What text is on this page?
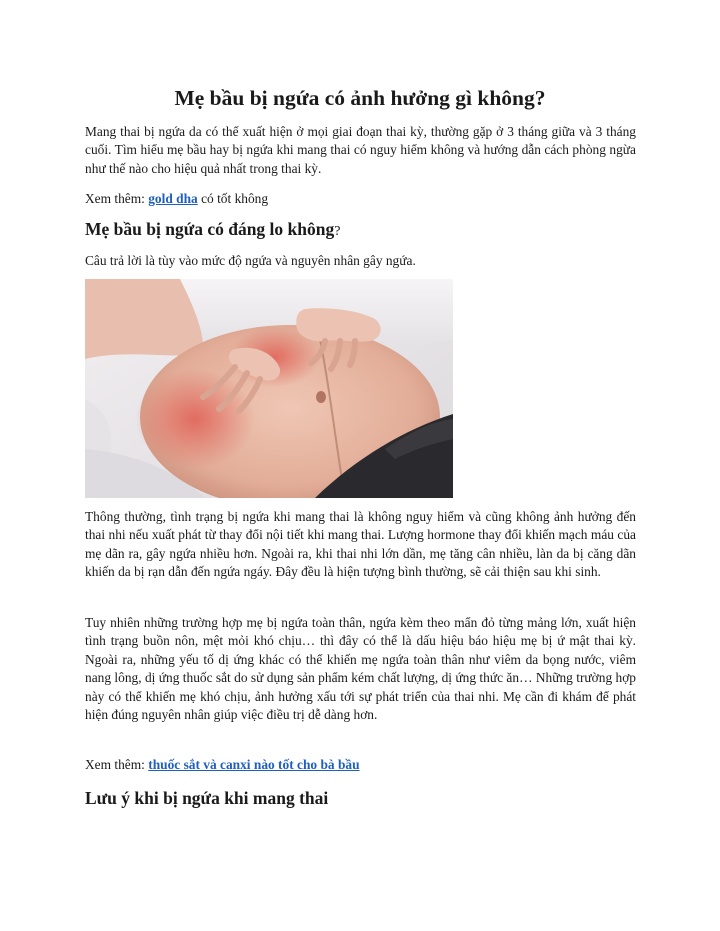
Mẹ bầu bị ngứa có ảnh hưởng gì không?

Mang thai bị ngứa da có thể xuất hiện ở mọi giai đoạn thai kỳ, thường gặp ở 3 tháng giữa và 3 tháng cuối. Tìm hiểu mẹ bầu hay bị ngứa khi mang thai có nguy hiểm không và hướng dẫn cách phòng ngừa như thế nào cho hiệu quả nhất trong thai kỳ.

Xem thêm: gold dha có tốt không

Mẹ bầu bị ngứa có đáng lo không?

Câu trả lời là tùy vào mức độ ngứa và nguyên nhân gây ngứa.

Thông thường, tình trạng bị ngứa khi mang thai là không nguy hiểm và cũng không ảnh hưởng đến thai nhi nếu xuất phát từ thay đổi nội tiết khi mang thai. Lượng hormone thay đổi khiến mạch máu của mẹ dãn ra, gây ngứa nhiều hơn. Ngoài ra, khi thai nhi lớn dần, mẹ tăng cân nhiều, làn da bị căng dãn khiến da bị rạn dẫn đến ngứa ngáy. Đây đều là hiện tượng bình thường, sẽ cải thiện sau khi sinh.

Tuy nhiên những trường hợp mẹ bị ngứa toàn thân, ngứa kèm theo mẩn đỏ từng mảng lớn, xuất hiện tình trạng buồn nôn, mệt mỏi khó chịu… thì đây có thể là dấu hiệu báo hiệu mẹ bị ứ mật thai kỳ. Ngoài ra, những yếu tố dị ứng khác có thể khiến mẹ ngứa toàn thân như viêm da bọng nước, viêm nang lông, dị ứng thuốc sắt do sử dụng sản phẩm kém chất lượng, dị ứng thức ăn… Những trường hợp này có thể khiến mẹ khó chịu, ảnh hưởng xấu tới sự phát triển của thai nhi. Mẹ cần đi khám để phát hiện đúng nguyên nhân giúp việc điều trị dễ dàng hơn.

Xem thêm: thuốc sắt và canxi nào tốt cho bà bầu

Lưu ý khi bị ngứa khi mang thai
